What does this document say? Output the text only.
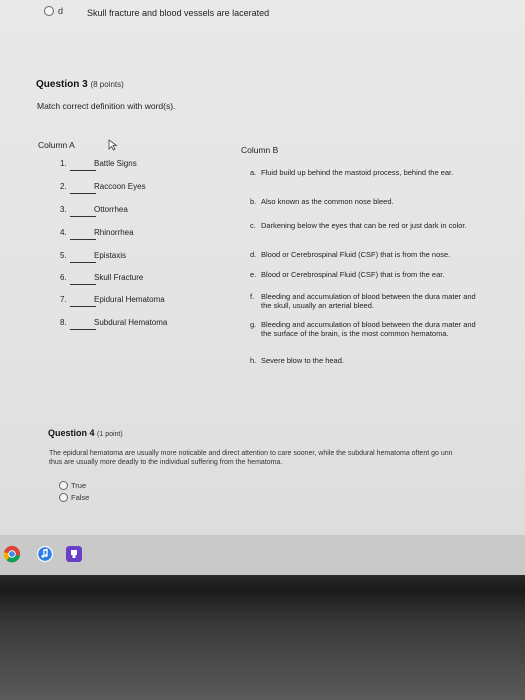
d	Skull fracture and blood vessels are lacerated
Question 3 (8 points)
Match correct definition with word(s).
Column A	Column B
1.	Battle Signs
2.	Raccoon Eyes
3.	Ottorrhea
4.	Rhinorrhea
5.	Epistaxis
6.	Skull Fracture
7.	Epidural Hematoma
8.	Subdural Hematoma
a. Fluid build up behind the mastoid process, behind the ear.
b. Also known as the common nose bleed.
c. Darkening below the eyes that can be red or just dark in color.
d. Blood or Cerebrospinal Fluid (CSF) that is from the nose.
e. Blood or Cerebrospinal Fluid (CSF) that is from the ear.
f. Bleeding and accumulation of blood between the dura mater and the skull, usually an arterial bleed.
g. Bleeding and accumulation of blood between the dura mater and the surface of the brain, is the most common hematoma.
h. Severe blow to the head.
Question 4 (1 point)
The epidural hematoma are usually more noticable and direct attention to care sooner, while the subdural hematoma oftent go unn
thus are usually more deadly to the individual suffering from the hematoma.
True
False
